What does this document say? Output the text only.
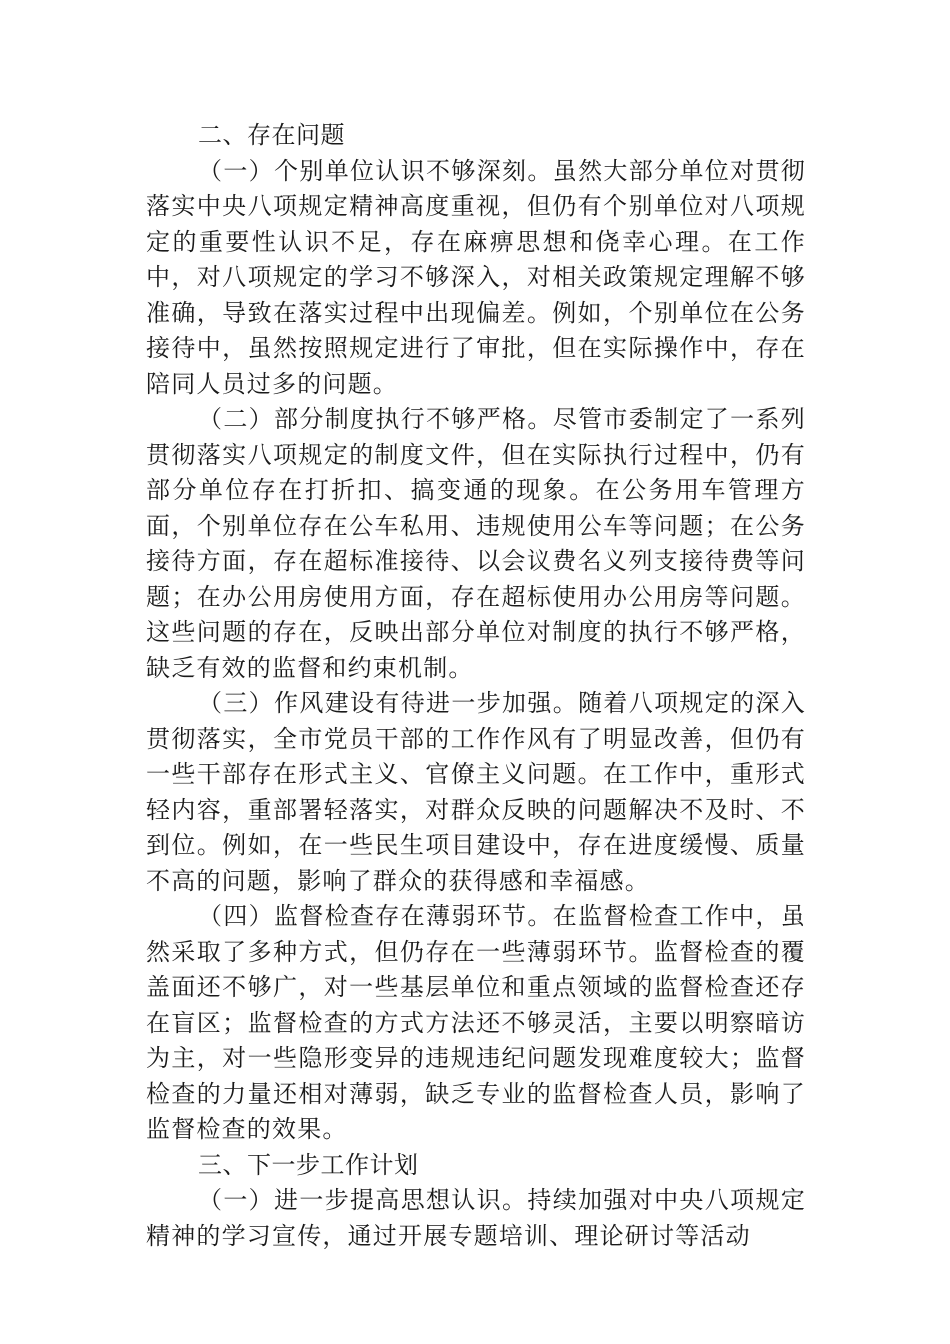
二、存在问题

（一）个别单位认识不够深刻。虽然大部分单位对贯彻落实中央八项规定精神高度重视，但仍有个别单位对八项规定的重要性认识不足，存在麻痹思想和侥幸心理。在工作中，对八项规定的学习不够深入，对相关政策规定理解不够准确，导致在落实过程中出现偏差。例如，个别单位在公务接待中，虽然按照规定进行了审批，但在实际操作中，存在陪同人员过多的问题。

（二）部分制度执行不够严格。尽管市委制定了一系列贯彻落实八项规定的制度文件，但在实际执行过程中，仍有部分单位存在打折扣、搞变通的现象。在公务用车管理方面，个别单位存在公车私用、违规使用公车等问题；在公务接待方面，存在超标准接待、以会议费名义列支接待费等问题；在办公用房使用方面，存在超标使用办公用房等问题。这些问题的存在，反映出部分单位对制度的执行不够严格，缺乏有效的监督和约束机制。

（三）作风建设有待进一步加强。随着八项规定的深入贯彻落实，全市党员干部的工作作风有了明显改善，但仍有一些干部存在形式主义、官僚主义问题。在工作中，重形式轻内容，重部署轻落实，对群众反映的问题解决不及时、不到位。例如，在一些民生项目建设中，存在进度缓慢、质量不高的问题，影响了群众的获得感和幸福感。

（四）监督检查存在薄弱环节。在监督检查工作中，虽然采取了多种方式，但仍存在一些薄弱环节。监督检查的覆盖面还不够广，对一些基层单位和重点领域的监督检查还存在盲区；监督检查的方式方法还不够灵活，主要以明察暗访为主，对一些隐形变异的违规违纪问题发现难度较大；监督检查的力量还相对薄弱，缺乏专业的监督检查人员，影响了监督检查的效果。

三、下一步工作计划

（一）进一步提高思想认识。持续加强对中央八项规定精神的学习宣传，通过开展专题培训、理论研讨等活动
